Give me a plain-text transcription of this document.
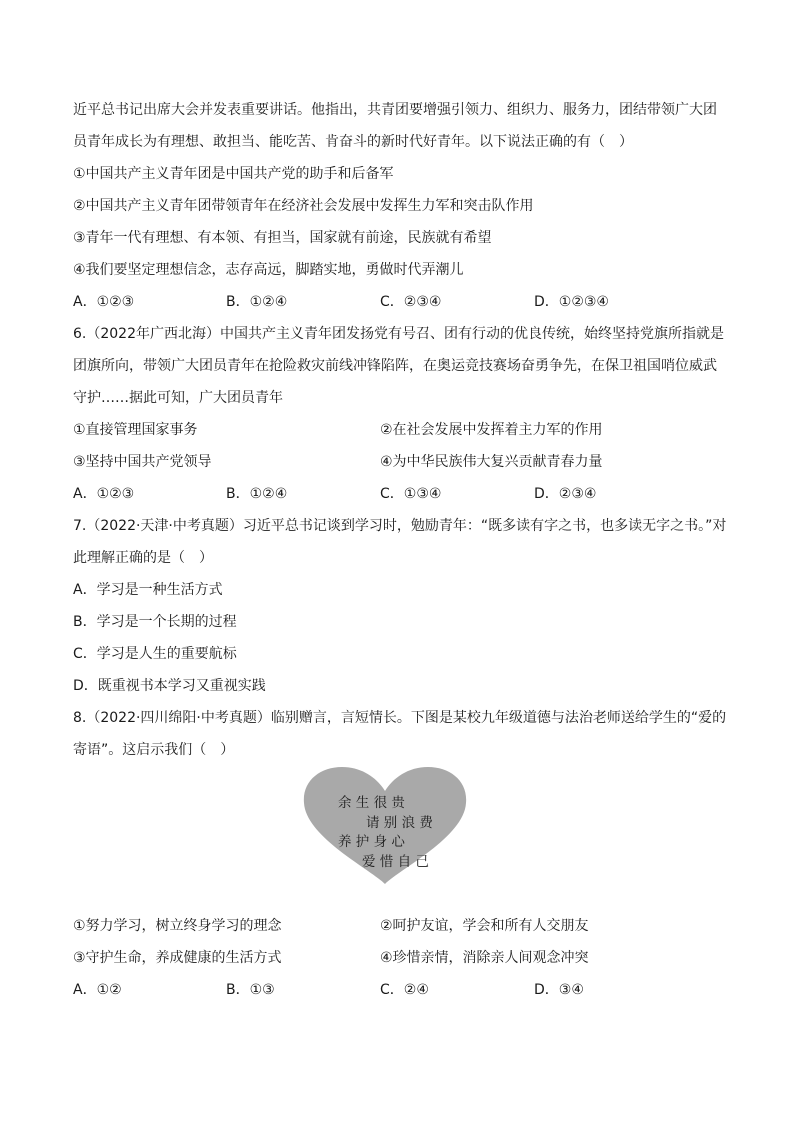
近平总书记出席大会并发表重要讲话。他指出，共青团要增强引领力、组织力、服务力，团结带领广大团
员青年成长为有理想、敢担当、能吃苦、肯奋斗的新时代好青年。以下说法正确的有（　）
①中国共产主义青年团是中国共产党的助手和后备军
②中国共产主义青年团带领青年在经济社会发展中发挥生力军和突击队作用
③青年一代有理想、有本领、有担当，国家就有前途，民族就有希望
④我们要坚定理想信念，志存高远，脚踏实地，勇做时代弄潮儿
A．①②③	B．①②④	C．②③④	D．①②③④
6.（2022年广西北海）中国共产主义青年团发扬党有号召、团有行动的优良传统，始终坚持党旗所指就是
团旗所向，带领广大团员青年在抢险救灾前线冲锋陷阵，在奥运竞技赛场奋勇争先，在保卫祖国哨位威武
守护……据此可知，广大团员青年
①直接管理国家事务	②在社会发展中发挥着主力军的作用
③坚持中国共产党领导	④为中华民族伟大复兴贡献青春力量
A．①②③	B．①②④	C．①③④	D．②③④
7.（2022·天津·中考真题）习近平总书记谈到学习时，勉励青年：“既多读有字之书，也多读无字之书。”对
此理解正确的是（　）
A．学习是一种生活方式
B．学习是一个长期的过程
C．学习是人生的重要航标
D．既重视书本学习又重视实践
8.（2022·四川绵阳·中考真题）临别赠言，言短情长。下图是某校九年级道德与法治老师送给学生的“爱的
寄语”。这启示我们（　）
余 生 很 贵
请 别 浪 费
养 护 身 心
爱 惜 自 己
①努力学习，树立终身学习的理念	②呵护友谊，学会和所有人交朋友
③守护生命，养成健康的生活方式	④珍惜亲情，消除亲人间观念冲突
A．①②	B．①③	C．②④	D．③④
